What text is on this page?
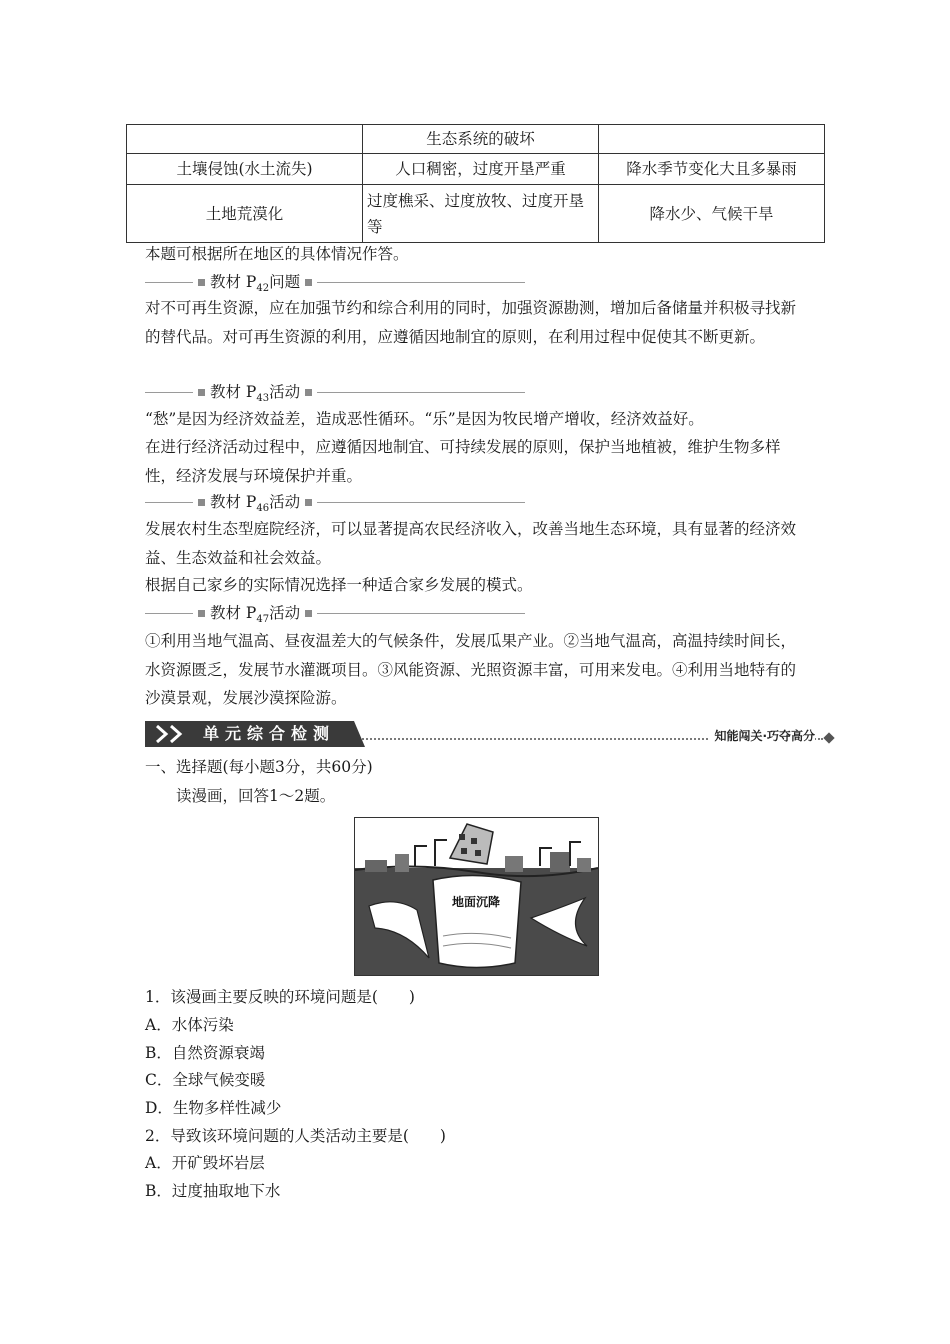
	生态系统的破坏	
土壤侵蚀(水土流失)	人口稠密，过度开垦严重	降水季节变化大且多暴雨
土地荒漠化	过度樵采、过度放牧、过度开垦等	降水少、气候干旱

本题可根据所在地区的具体情况作答。

教材 $P_{42}$问题

对不可再生资源，应在加强节约和综合利用的同时，加强资源勘测，增加后备储量并积极寻找新的替代品。对可再生资源的利用，应遵循因地制宜的原则，在利用过程中促使其不断更新。

教材 $P_{43}$活动

“愁”是因为经济效益差，造成恶性循环。“乐”是因为牧民增产增收，经济效益好。

在进行经济活动过程中，应遵循因地制宜、可持续发展的原则，保护当地植被，维护生物多样性，经济发展与环境保护并重。

教材 $P_{46}$活动

发展农村生态型庭院经济，可以显著提高农民经济收入，改善当地生态环境，具有显著的经济效益、生态效益和社会效益。

根据自己家乡的实际情况选择一种适合家乡发展的模式。

教材 $P_{47}$活动

①利用当地气温高、昼夜温差大的气候条件，发展瓜果产业。②当地气温高，高温持续时间长，水资源匮乏，发展节水灌溉项目。③风能资源、光照资源丰富，可用来发电。④利用当地特有的沙漠景观，发展沙漠探险游。

单元综合检测	知能闯关·巧夺高分

一、选择题(每小题3分，共60分)

读漫画，回答1～2题。

地面沉降

1．该漫画主要反映的环境问题是(　　)

A．水体污染

B．自然资源衰竭

C．全球气候变暖

D．生物多样性减少

2．导致该环境问题的人类活动主要是(　　)

A．开矿毁坏岩层

B．过度抽取地下水
